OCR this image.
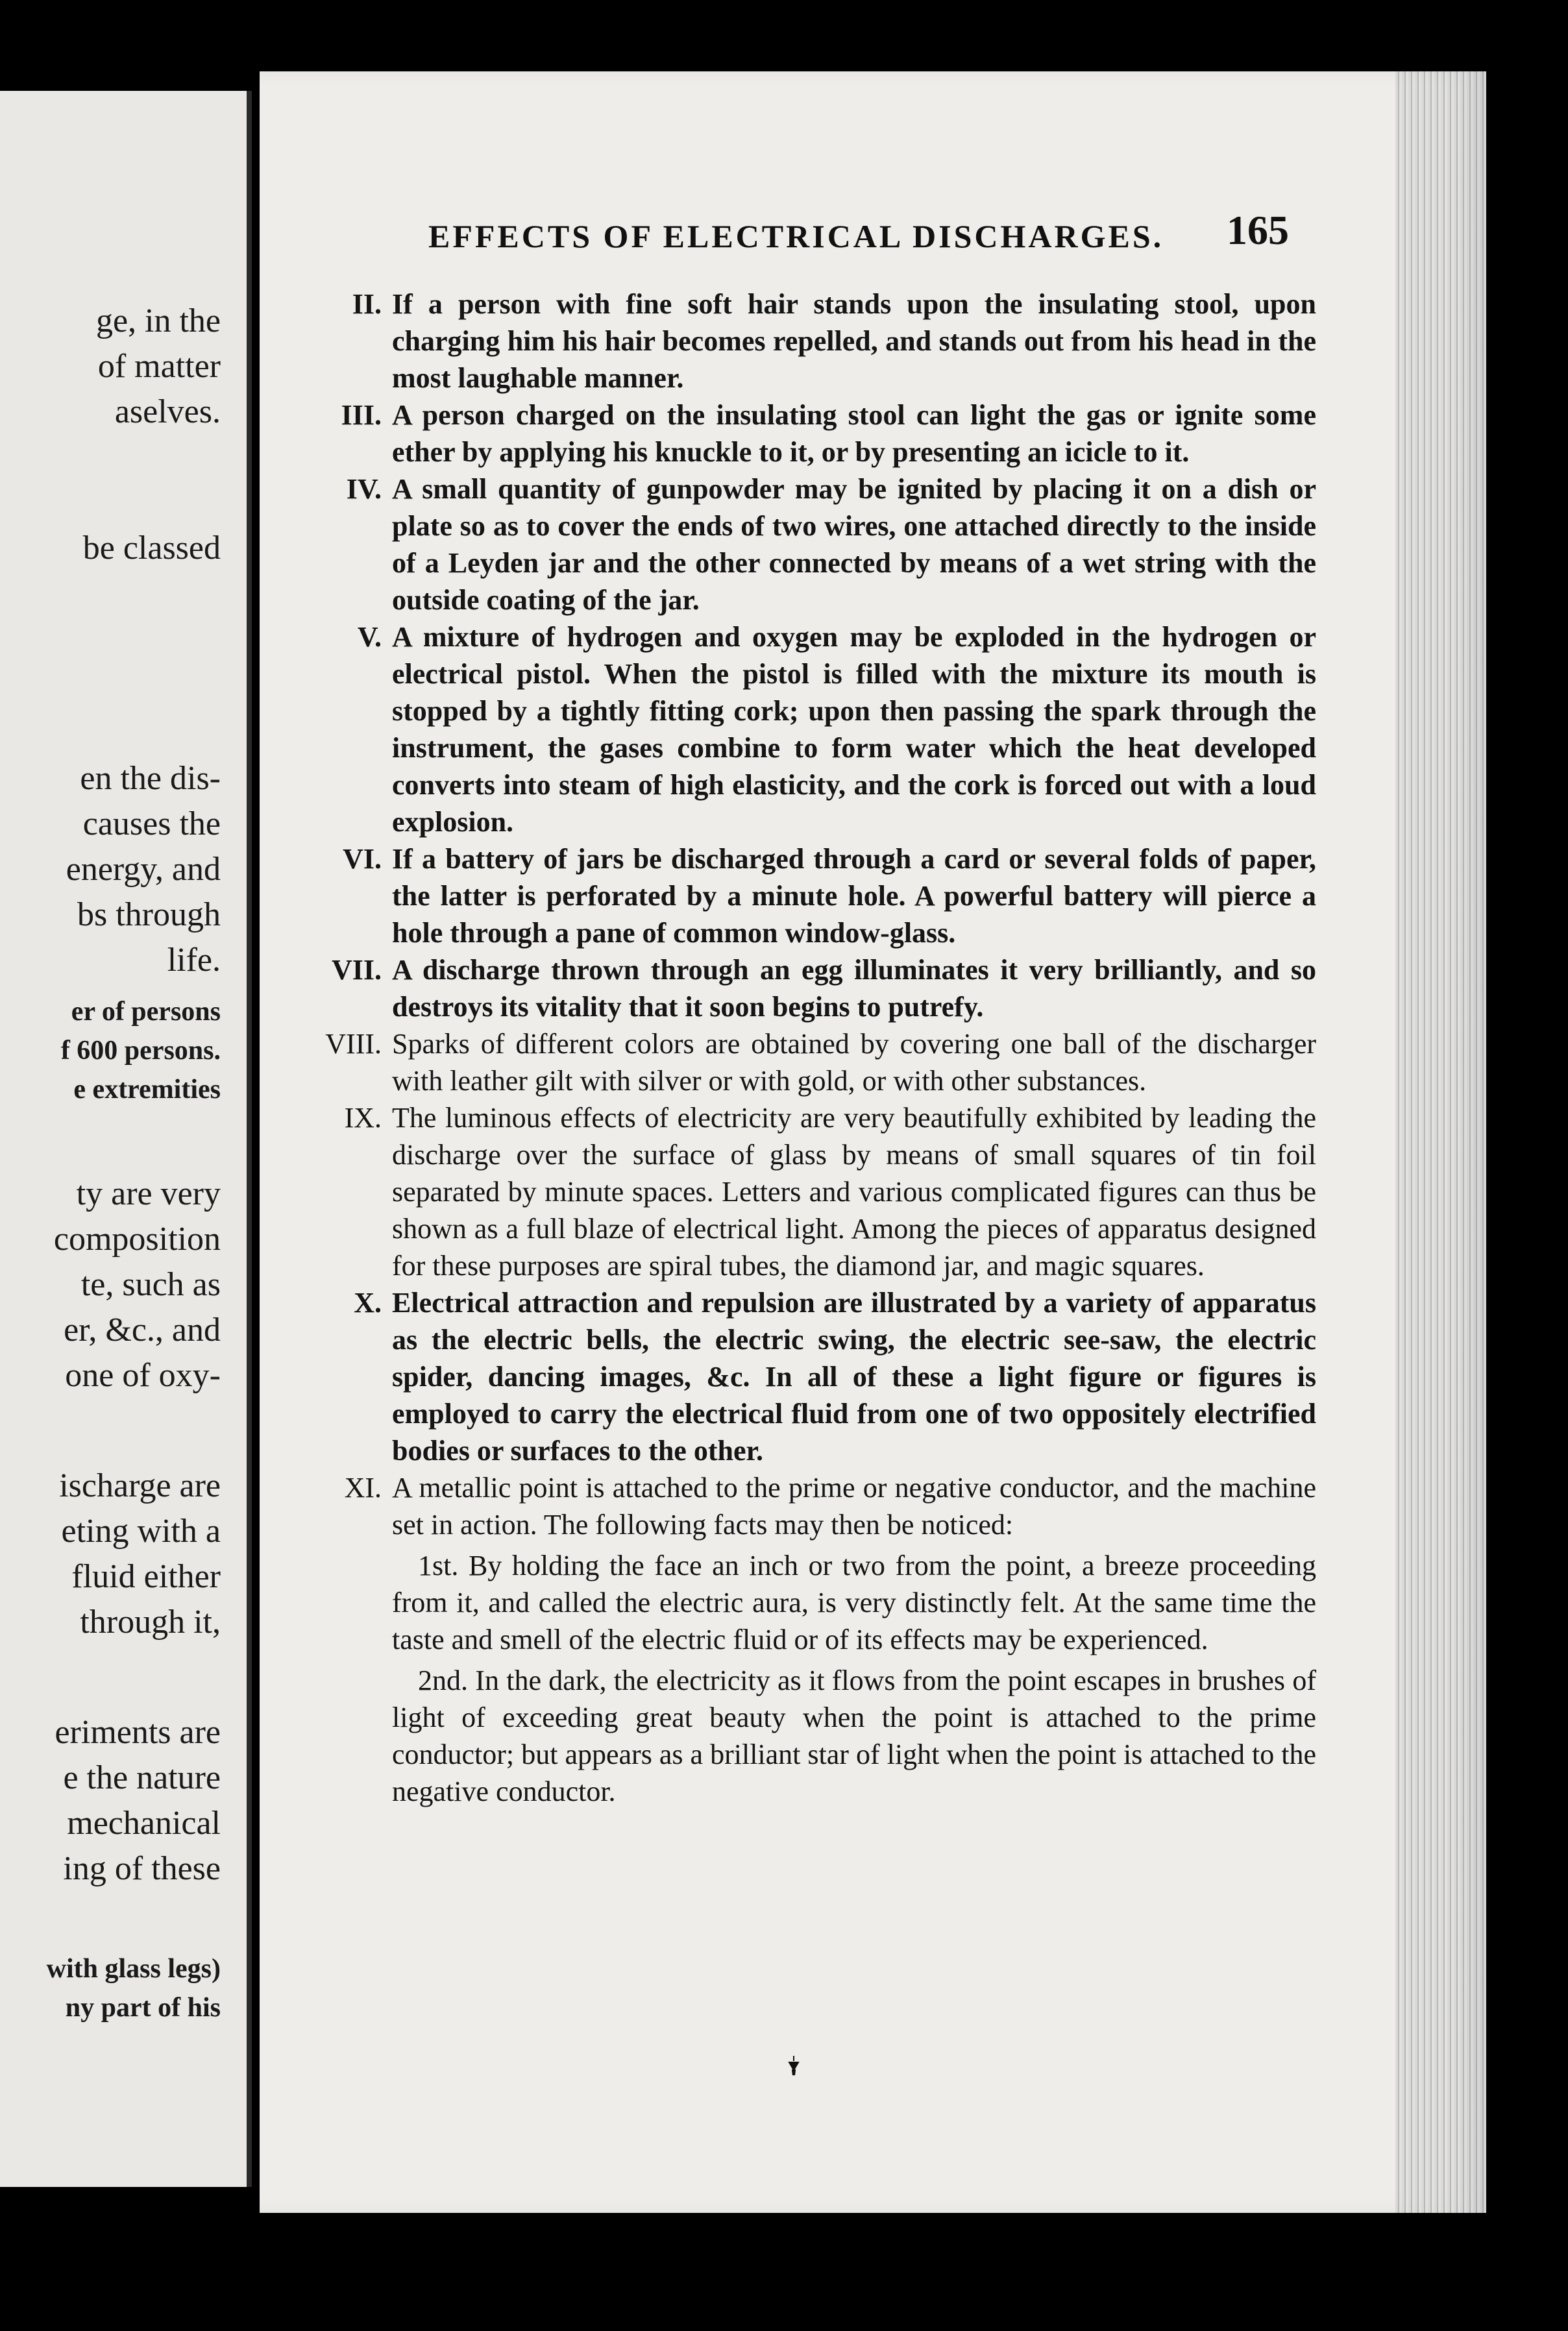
ge, in the
of matter
aselves.
be classed
en the dis-
causes the
energy, and
bs through
life.
er of persons
f 600 persons.
e extremities
ty are very
composition
te, such as
er, &c., and
one of oxy-
ischarge are
eting with a
fluid either
through it,
eriments are
e the nature
mechanical
ing of these
with glass legs)
ny part of his
EFFECTS OF ELECTRICAL DISCHARGES. 165
II. If a person with fine soft hair stands upon the insulating stool, upon charging him his hair becomes repelled, and stands out from his head in the most laughable manner.
III. A person charged on the insulating stool can light the gas or ignite some ether by applying his knuckle to it, or by presenting an icicle to it.
IV. A small quantity of gunpowder may be ignited by placing it on a dish or plate so as to cover the ends of two wires, one attached directly to the inside of a Leyden jar and the other connected by means of a wet string with the outside coating of the jar.
V. A mixture of hydrogen and oxygen may be exploded in the hydrogen or electrical pistol. When the pistol is filled with the mixture its mouth is stopped by a tightly fitting cork; upon then passing the spark through the instrument, the gases combine to form water which the heat developed converts into steam of high elasticity, and the cork is forced out with a loud explosion.
VI. If a battery of jars be discharged through a card or several folds of paper, the latter is perforated by a minute hole. A powerful battery will pierce a hole through a pane of common window-glass.
VII. A discharge thrown through an egg illuminates it very brilliantly, and so destroys its vitality that it soon begins to putrefy.
VIII. Sparks of different colors are obtained by covering one ball of the discharger with leather gilt with silver or with gold, or with other substances.
IX. The luminous effects of electricity are very beautifully exhibited by leading the discharge over the surface of glass by means of small squares of tin foil separated by minute spaces. Letters and various complicated figures can thus be shown as a full blaze of electrical light. Among the pieces of apparatus designed for these purposes are spiral tubes, the diamond jar, and magic squares.
X. Electrical attraction and repulsion are illustrated by a variety of apparatus as the electric bells, the electric swing, the electric see-saw, the electric spider, dancing images, &c. In all of these a light figure or figures is employed to carry the electrical fluid from one of two oppositely electrified bodies or surfaces to the other.
XI. A metallic point is attached to the prime or negative conductor, and the machine set in action. The following facts may then be noticed:
1st. By holding the face an inch or two from the point, a breeze proceeding from it, and called the electric aura, is very distinctly felt. At the same time the taste and smell of the electric fluid or of its effects may be experienced.
2nd. In the dark, the electricity as it flows from the point escapes in brushes of light of exceeding great beauty when the point is attached to the prime conductor; but appears as a brilliant star of light when the point is attached to the negative conductor.
